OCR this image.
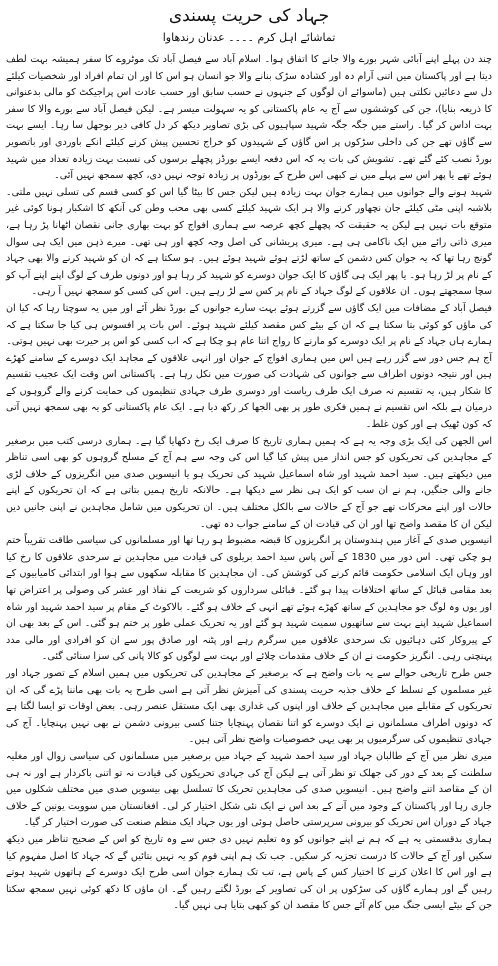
جہاد کی حریت پسندی
تماشائے اہل کرم ۔۔۔۔ عدنان رندھاوا

چند دن پہلے اپنے آبائی شہر بورے والا جانے کا اتفاق ہوا۔ اسلام آباد سے فیصل آباد تک موٹروے کا سفر ہمیشہ بہت لطف دیتا ہے اور پاکستان میں اتنی آرام دہ اور کشادہ سڑک بنانے والا جو انسان ہو اس کا اور ان تمام افراد اور شخصیات کیلئے دل سے دعائیں نکلتی ہیں (ماسوائے ان لوگوں کے جنہوں نے حسب سابق اور حسب عادت اس پراجیکٹ کو مالی بدعنوانی کا ذریعہ بنایا)، جن کی کوششوں سے آج یہ عام پاکستانی کو یہ سہولت میسر ہے۔ لیکن فیصل آباد سے بورے والا کا سفر بہت اداس کر گیا۔ راستے میں جگہ جگہ شہید سپاہیوں کی بڑی تصاویر دیکھ کر دل کافی دیر بوجھل سا رہا۔ ایسے بہت سے گاؤں تھے جن کی داخلی سڑکوں پر اس گاؤں کے شہیدوں کو خراج تحسین پیش کرنے کیلئے انکے باوردی اور باتصویر بورڈ نصب کئے گئے تھے۔ تشویش کی بات یہ کہ اس دفعہ ایسے بورڈز پچھلے برسوں کی نسبت بہت زیادہ تعداد میں شہید ہوئے تھے یا پھر اس سے پہلے میں نے کبھی اس طرح کے بورڈوں پر زیادہ توجہ نہیں دی، کچھ سمجھ نہیں آئی۔

شہید ہونے والے جوانوں میں ہمارے جوان بہت زیادہ ہیں لیکن جس کا بیٹا گیا اس کو کسی قسم کی تسلی نہیں ملتی۔ بلاشبہ اپنی مٹی کیلئے جان نچھاور کرنے والا ہر ایک شہید کیلئے کسی بھی محب وطن کی آنکھ کا اشکبار ہونا کوئی غیر متوقع بات نہیں ہے لیکن یہ حقیقت کہ پچھلے کچھ عرصہ سے ہماری افواج کو بہت بھاری جانی نقصان اٹھانا پڑ رہا ہے، میری ذاتی رائے میں ایک ناکامی ہی ہے۔ میری پریشانی کی اصل وجہ کچھ اور ہی تھی۔ میرے ذہن میں ایک ہی سوال گونج رہا تھا کہ یہ جوان کس دشمن کے ساتھ لڑتے ہوئے شہید ہوئے ہیں۔ ہو سکتا ہے کہ ان کو شہید کرنے والا بھی جہاد کے نام پر لڑ رہا ہو۔ یا پھر ایک ہی گاؤں کا ایک جوان دوسرے کو شہید کر رہا ہو اور دونوں طرف کے لوگ اپنے اپنے آپ کو سچا سمجھتے ہوں۔ ان علاقوں کے لوگ جہاد کے نام پر کس سے لڑ رہے ہیں۔ اس کی کسی کو سمجھ نہیں آ رہی۔

فیصل آباد کے مضافات میں ایک گاؤں سے گزرتے ہوئے بہت سارے جوانوں کے بورڈ نظر آئے اور میں یہ سوچتا رہا کہ کیا ان کی ماؤں کو کوئی بتا سکتا ہے کہ ان کے بیٹے کس مقصد کیلئے شہید ہوئے۔ اس بات پر افسوس ہی کیا جا سکتا ہے کہ ہمارے ہاں جہاد کے نام پر ایک دوسرے کو مارنے کا رواج اتنا عام ہو چکا ہے کہ اب کسی کو اس پر حیرت بھی نہیں ہوتی۔

آج ہم جس دور سے گزر رہے ہیں اس میں ہماری افواج کے جوان اور انہی علاقوں کے مجاہد ایک دوسرے کے سامنے کھڑے ہیں اور نتیجہ دونوں اطراف سے جوانوں کی شہادت کی صورت میں نکل رہا ہے۔ پاکستانی اس وقت ایک عجیب تقسیم کا شکار ہیں، یہ تقسیم نہ صرف ایک طرف ریاست اور دوسری طرف جہادی تنظیموں کی حمایت کرنے والے گروہوں کے درمیان ہے بلکہ اس تقسیم نے ہمیں فکری طور پر بھی الجھا کر رکھ دیا ہے۔ ایک عام پاکستانی کو یہ بھی سمجھ نہیں آتی کہ کون ٹھیک ہے اور کون غلط۔

اس الجھن کی ایک بڑی وجہ یہ ہے کہ ہمیں ہماری تاریخ کا صرف ایک رخ دکھایا گیا ہے۔ ہماری درسی کتب میں برصغیر کے مجاہدین کی تحریکوں کو جس انداز میں پیش کیا گیا اس کی وجہ سے ہم آج کے مسلح گروہوں کو بھی اسی تناظر میں دیکھتے ہیں۔ سید احمد شہید اور شاہ اسماعیل شہید کی تحریک ہو یا انیسویں صدی میں انگریزوں کے خلاف لڑی جانے والی جنگیں، ہم نے ان سب کو ایک ہی نظر سے دیکھا ہے۔ حالانکہ تاریخ ہمیں بتاتی ہے کہ ان تحریکوں کے اپنے حالات اور اپنے محرکات تھے جو آج کے حالات سے بالکل مختلف ہیں۔ ان تحریکوں میں شامل مجاہدین نے اپنی جانیں دیں لیکن ان کا مقصد واضح تھا اور ان کی قیادت ان کے سامنے جواب دہ تھی۔

انیسویں صدی کے آغاز میں ہندوستان پر انگریزوں کا قبضہ مضبوط ہو رہا تھا اور مسلمانوں کی سیاسی طاقت تقریباً ختم ہو چکی تھی۔ اس دور میں 1830 کے آس پاس سید احمد بریلوی کی قیادت میں مجاہدین نے سرحدی علاقوں کا رخ کیا اور وہاں ایک اسلامی حکومت قائم کرنے کی کوشش کی۔ ان مجاہدین کا مقابلہ سکھوں سے ہوا اور ابتدائی کامیابیوں کے بعد مقامی قبائل کے ساتھ اختلافات پیدا ہو گئے۔ قبائلی سرداروں کو شریعت کے نفاذ اور عشر کی وصولی پر اعتراض تھا اور یوں وہ لوگ جو مجاہدین کے ساتھ کھڑے ہوئے تھے انہی کے خلاف ہو گئے۔ بالاکوٹ کے مقام پر سید احمد شہید اور شاہ اسماعیل شہید اپنے بہت سے ساتھیوں سمیت شہید ہو گئے اور یہ تحریک عملی طور پر ختم ہو گئی۔ اس کے بعد بھی ان کے پیروکار کئی دہائیوں تک سرحدی علاقوں میں سرگرم رہے اور پٹنہ اور صادق پور سے ان کو افرادی اور مالی مدد پہنچتی رہی۔ انگریز حکومت نے ان کے خلاف مقدمات چلائے اور بہت سے لوگوں کو کالا پانی کی سزا سنائی گئی۔

جس طرح تاریخی حوالے سے یہ بات واضح ہے کہ برصغیر کے مجاہدین کی تحریکوں میں ہمیں اسلام کے تصور جہاد اور غیر مسلموں کے تسلط کے خلاف جذبہ حریت پسندی کی آمیزش نظر آتی ہے اسی طرح یہ بات بھی ماننا پڑے گی کہ ان تحریکوں کے مقابلے میں مجاہدین کے خلاف اور اپنوں کی غداری بھی ایک مستقل عنصر رہی۔ بعض اوقات تو ایسا لگتا ہے کہ دونوں اطراف مسلمانوں نے ایک دوسرے کو اتنا نقصان پہنچایا جتنا کسی بیرونی دشمن نے بھی نہیں پہنچایا۔ آج کی جہادی تنظیموں کی سرگرمیوں پر بھی یہی خصوصیات واضح نظر آتی ہیں۔

میری نظر میں آج کے طالبان جہاد اور سید احمد شہید کے جہاد میں برصغیر میں مسلمانوں کی سیاسی زوال اور مغلیہ سلطنت کے بعد کے دور کی جھلک تو نظر آتی ہے لیکن آج کی جہادی تحریکوں کی قیادت نہ تو اتنی باکردار ہے اور نہ ہی ان کے مقاصد اتنے واضح ہیں۔ انیسویں صدی کی مجاہدین تحریک کا تسلسل بھی بیسویں صدی میں مختلف شکلوں میں جاری رہا اور پاکستان کے وجود میں آنے کے بعد اس نے ایک نئی شکل اختیار کر لی۔ افغانستان میں سوویت یونین کے خلاف جہاد کے دوران اس تحریک کو بیرونی سرپرستی حاصل ہوئی اور یوں جہاد ایک منظم صنعت کی صورت اختیار کر گیا۔

ہماری بدقسمتی یہ ہے کہ ہم نے اپنے جوانوں کو وہ تعلیم نہیں دی جس سے وہ تاریخ کو اس کے صحیح تناظر میں دیکھ سکیں اور آج کے حالات کا درست تجزیہ کر سکیں۔ جب تک ہم اپنی قوم کو یہ نہیں بتائیں گے کہ جہاد کا اصل مفہوم کیا ہے اور اس کا اعلان کرنے کا اختیار کس کے پاس ہے، تب تک ہمارے جوان اسی طرح ایک دوسرے کے ہاتھوں شہید ہوتے رہیں گے اور ہمارے گاؤں کی سڑکوں پر ان کی تصاویر کے بورڈ لگتے رہیں گے۔ ان ماؤں کا دکھ کوئی نہیں سمجھ سکتا جن کے بیٹے ایسی جنگ میں کام آئے جس کا مقصد ان کو کبھی بتایا ہی نہیں گیا۔
